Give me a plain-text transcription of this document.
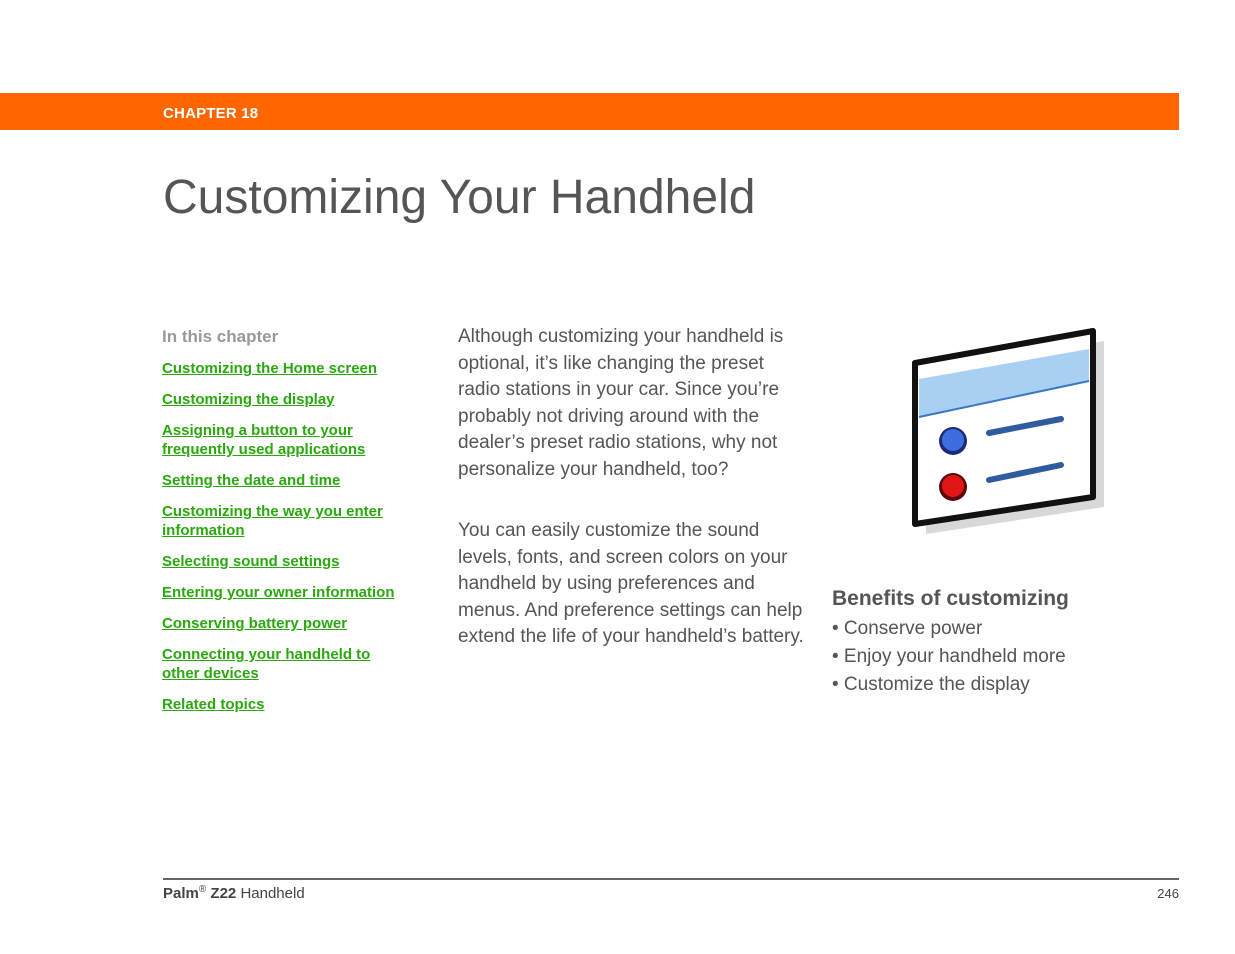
CHAPTER 18
Customizing Your Handheld
In this chapter
Customizing the Home screen
Customizing the display
Assigning a button to your frequently used applications
Setting the date and time
Customizing the way you enter information
Selecting sound settings
Entering your owner information
Conserving battery power
Connecting your handheld to other devices
Related topics

Although customizing your handheld is optional, it’s like changing the preset radio stations in your car. Since you’re probably not driving around with the dealer’s preset radio stations, why not personalize your handheld, too?

You can easily customize the sound levels, fonts, and screen colors on your handheld by using preferences and menus. And preference settings can help extend the life of your handheld’s battery.

Benefits of customizing
• Conserve power
• Enjoy your handheld more
• Customize the display
Palm® Z22 Handheld	246
